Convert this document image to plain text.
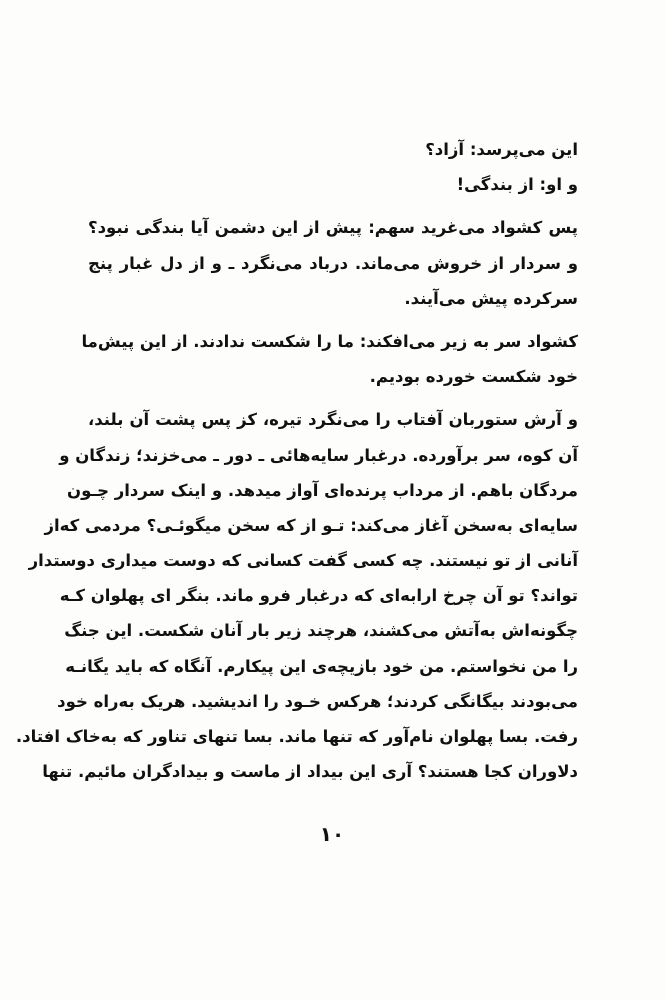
این می‌پرسد: آزاد؟
و او: از بندگی!
پس کشواد می‌غرید سهم: پیش از این دشمن آیا بندگی نبود؟
و سردار از خروش می‌ماند. درباد می‌نگرد ـ و از دل غبار پنج
سرکرده پیش می‌آیند.
کشواد سر به زیر می‌افکند: ما را شکست ندادند. از این پیش‌ما
خود شکست خورده بودیم.
و آرش ستوربان آفتاب را می‌نگرد تیره، کز پس پشت آن بلند،
آن کوه، سر برآورده. درغبار سایه‌هائی ـ دور ـ می‌خزند؛ زندگان و
مردگان باهم. از مرداب پرنده‌ای آواز میدهد. و اینک سردار چـون
سایه‌ای به‌سخن آغاز می‌کند: تـو از که سخن میگوئـی؟ مردمی که‌از
آنانی از تو نیستند. چه کسی گفت کسانی که دوست میداری دوستدار
تواند؟ تو آن چرخ ارابه‌ای که درغبار فرو ماند. بنگر ای پهلوان کـه
چگونه‌اش به‌آتش می‌کشند، هرچند زیر بار آنان شکست. این جنگ
را من نخواستم. من خود بازیچه‌ی این پیکارم. آنگاه که باید یگانـه
می‌بودند بیگانگی کردند؛ هرکس خـود را اندیشید. هریک به‌راه خود
رفت. بسا پهلوان نام‌آور که تنها ماند. بسا تنهای تناور که به‌خاک افتاد.
دلاوران کجا هستند؟ آری این بیداد از ماست و بیدادگران مائیم. تنها
۱۰
